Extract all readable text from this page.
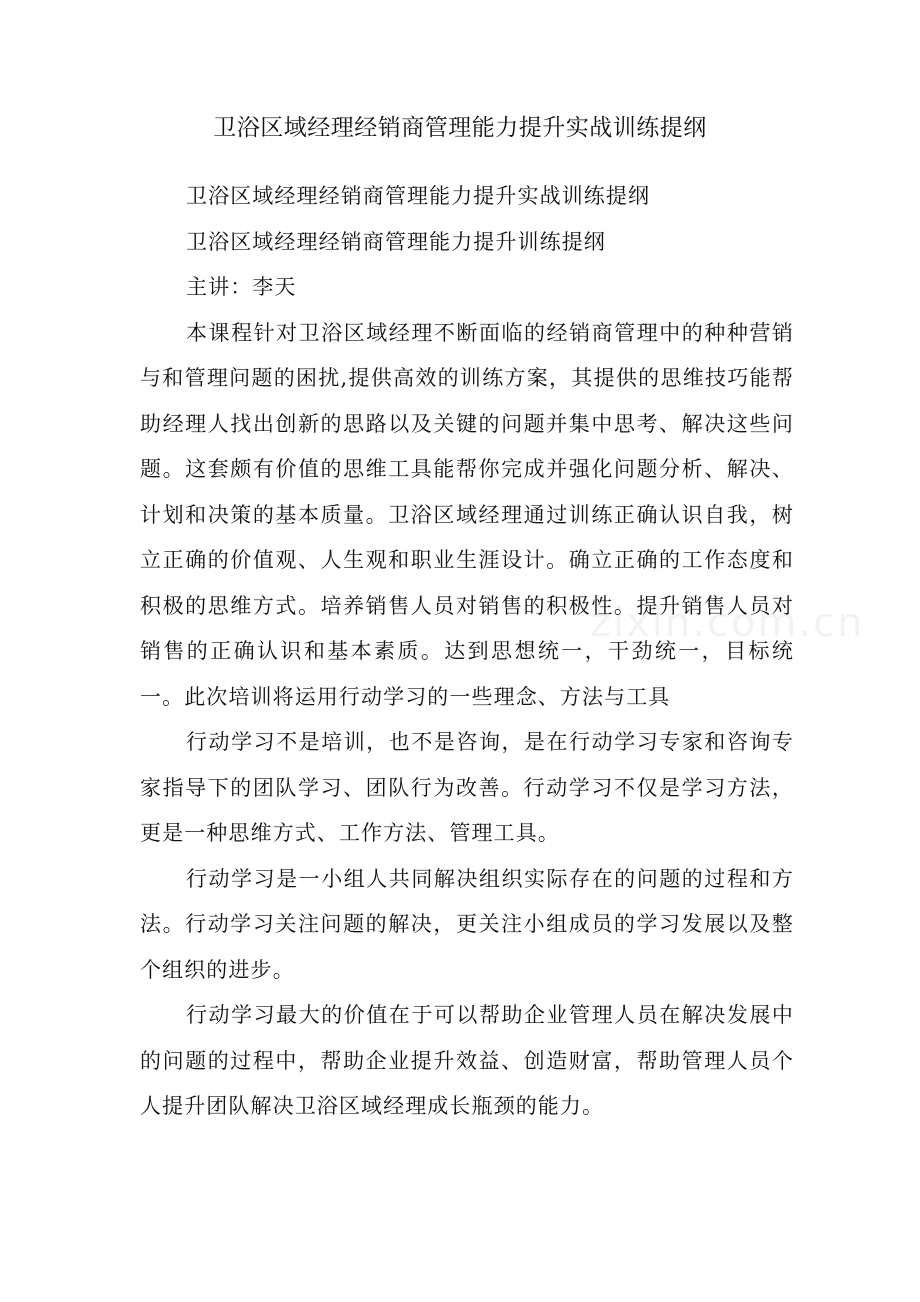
卫浴区域经理经销商管理能力提升实战训练提纲

卫浴区域经理经销商管理能力提升实战训练提纲

卫浴区域经理经销商管理能力提升训练提纲

主讲：李天

本课程针对卫浴区域经理不断面临的经销商管理中的种种营销与和管理问题的困扰,提供高效的训练方案，其提供的思维技巧能帮助经理人找出创新的思路以及关键的问题并集中思考、解决这些问题。这套颇有价值的思维工具能帮你完成并强化问题分析、解决、计划和决策的基本质量。卫浴区域经理通过训练正确认识自我，树立正确的价值观、人生观和职业生涯设计。确立正确的工作态度和积极的思维方式。培养销售人员对销售的积极性。提升销售人员对销售的正确认识和基本素质。达到思想统一，干劲统一，目标统一。此次培训将运用行动学习的一些理念、方法与工具

行动学习不是培训，也不是咨询，是在行动学习专家和咨询专家指导下的团队学习、团队行为改善。行动学习不仅是学习方法，更是一种思维方式、工作方法、管理工具。

行动学习是一小组人共同解决组织实际存在的问题的过程和方法。行动学习关注问题的解决，更关注小组成员的学习发展以及整个组织的进步。

行动学习最大的价值在于可以帮助企业管理人员在解决发展中的问题的过程中，帮助企业提升效益、创造财富，帮助管理人员个人提升团队解决卫浴区域经理成长瓶颈的能力。

zixin.com.cn
